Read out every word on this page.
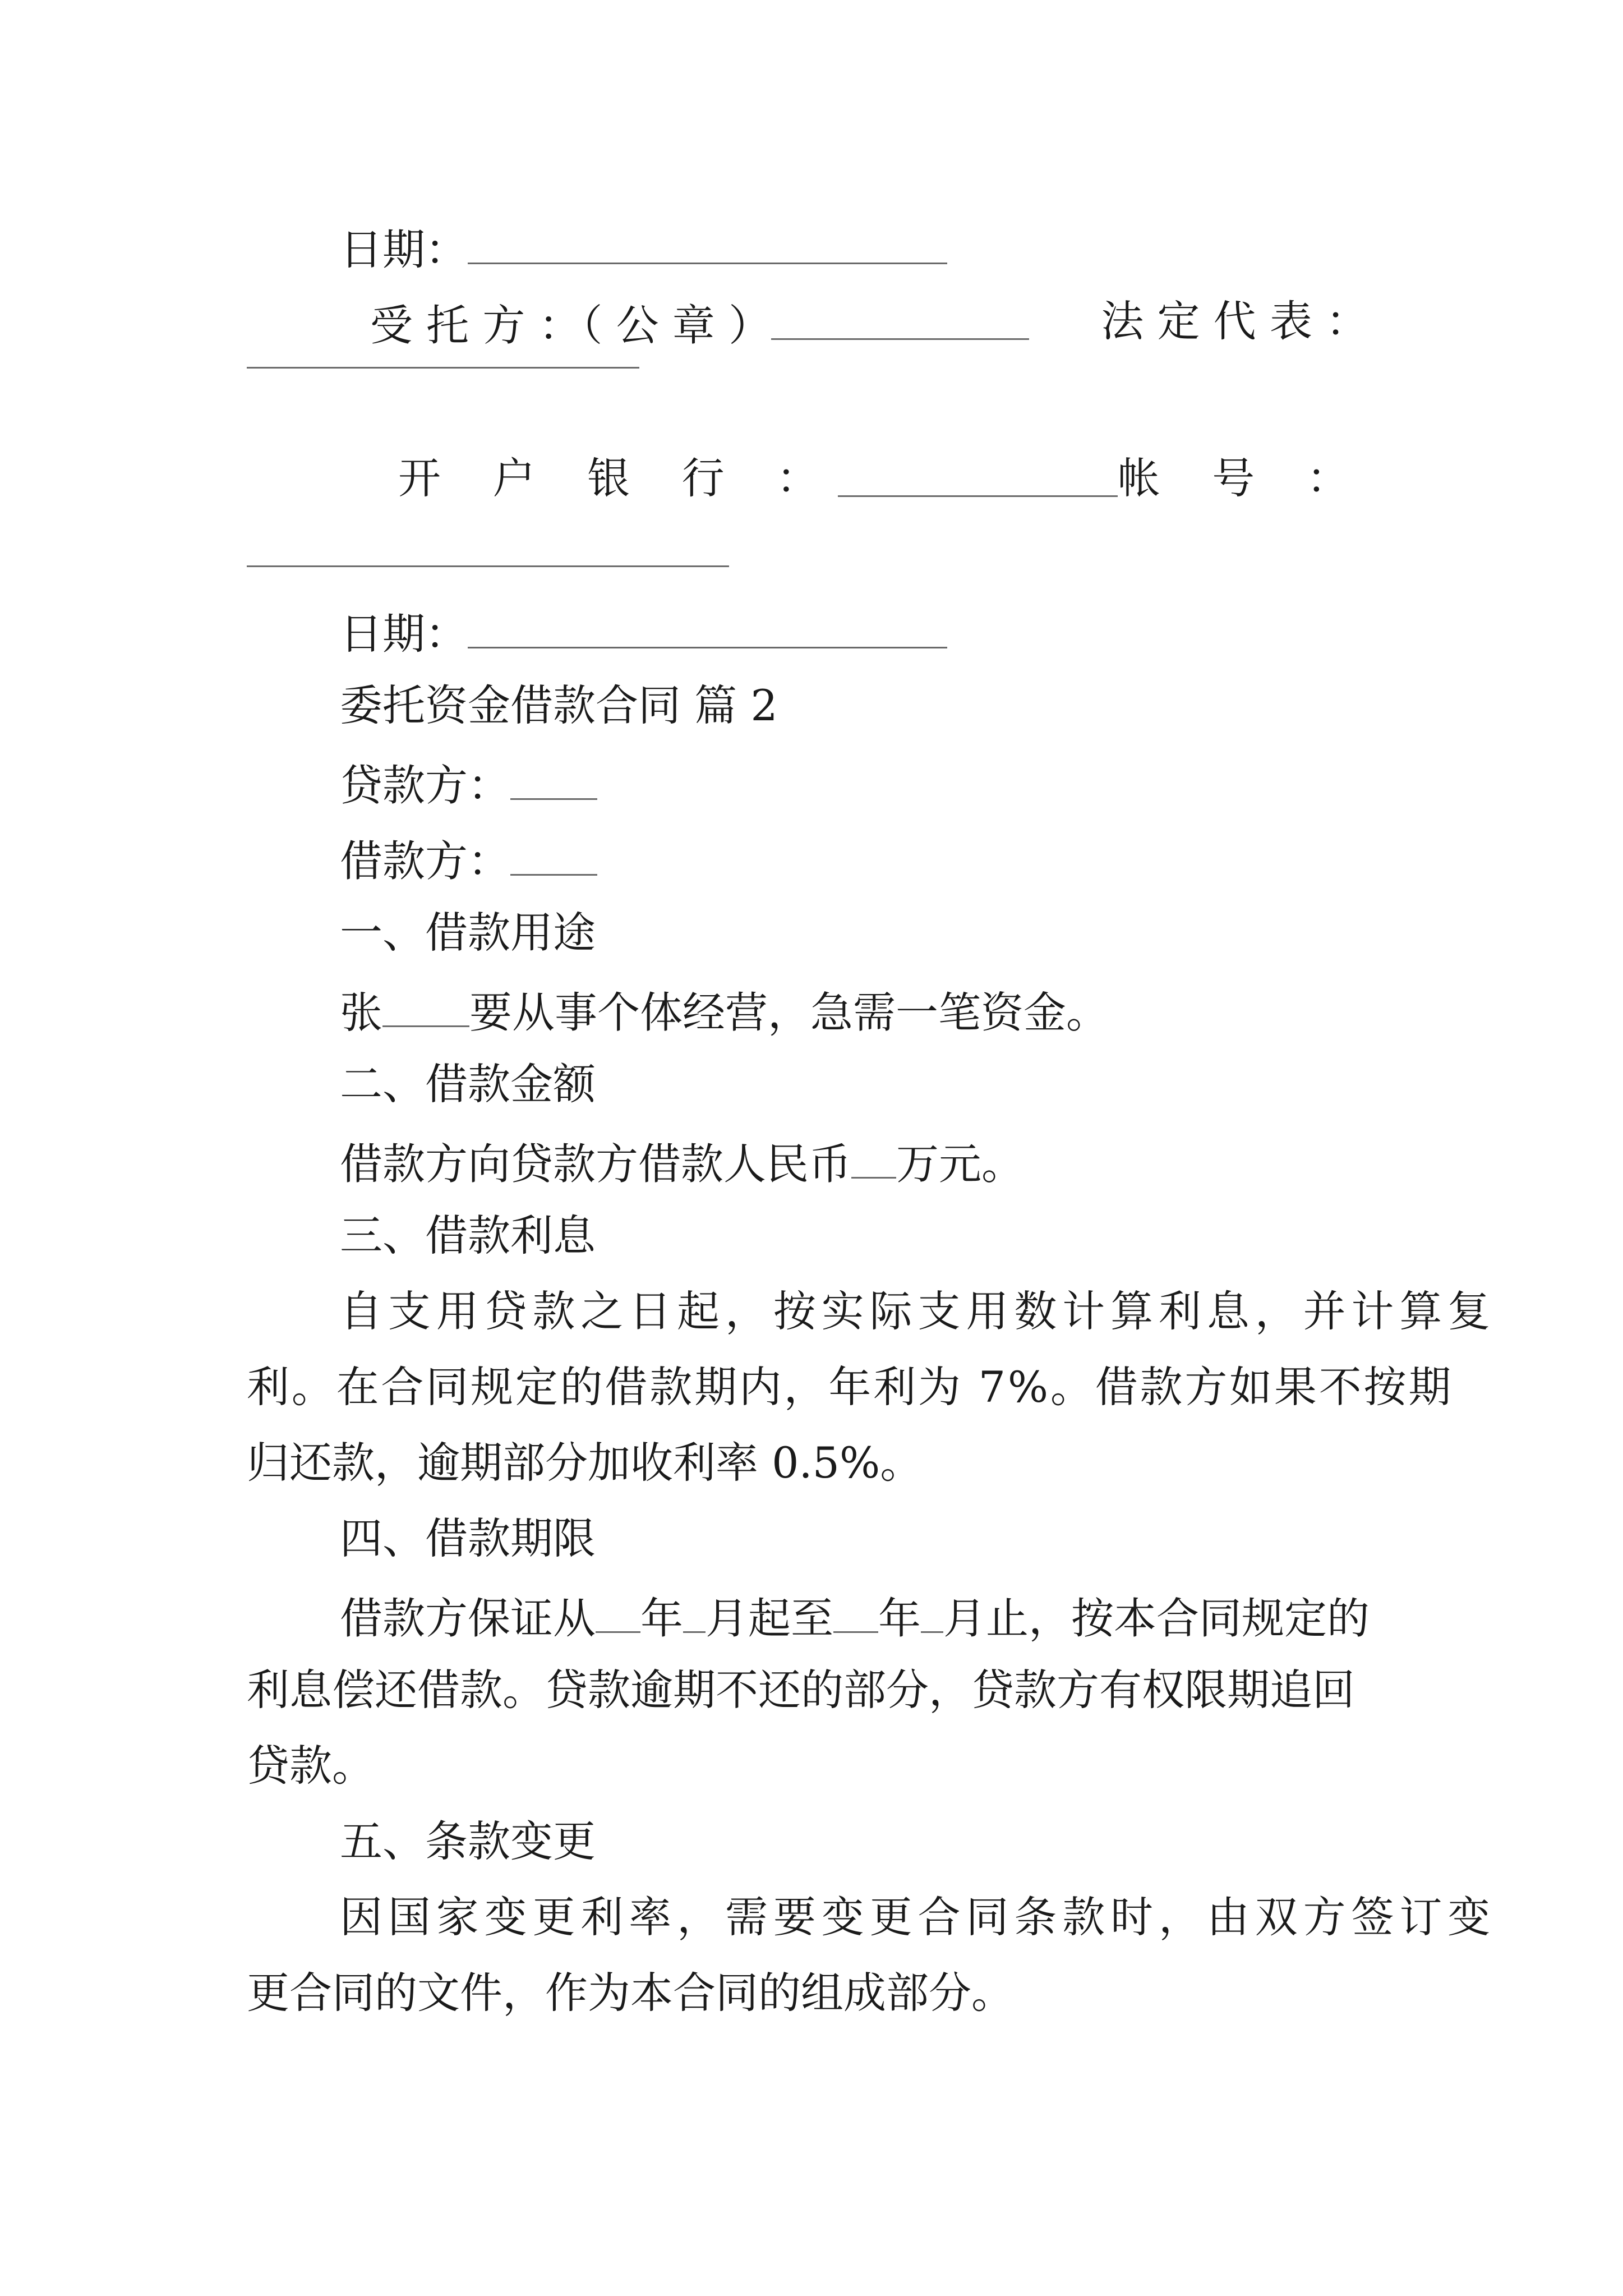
日期：
受 托 方 ：（ 公 章 ）	法 定 代 表 ：
开 户 银 行 ：	帐 号 ：
日期：
委托资金借款合同 篇 2
贷款方：
借款方：
一、借款用途
张 要从事个体经营，急需一笔资金。
二、借款金额
借款方向贷款方借款人民币 万元。
三、借款利息
自支用贷款之日起，按实际支用数计算利息，并计算复
利。在合同规定的借款期内，年利为 7%。借款方如果不按期
归还款，逾期部分加收利率 0.5%。
四、借款期限
借款方保证从 年 月起至 年 月止，按本合同规定的
利息偿还借款。贷款逾期不还的部分，贷款方有权限期追回
贷款。
五、条款变更
因国家变更利率，需要变更合同条款时，由双方签订变
更合同的文件，作为本合同的组成部分。
